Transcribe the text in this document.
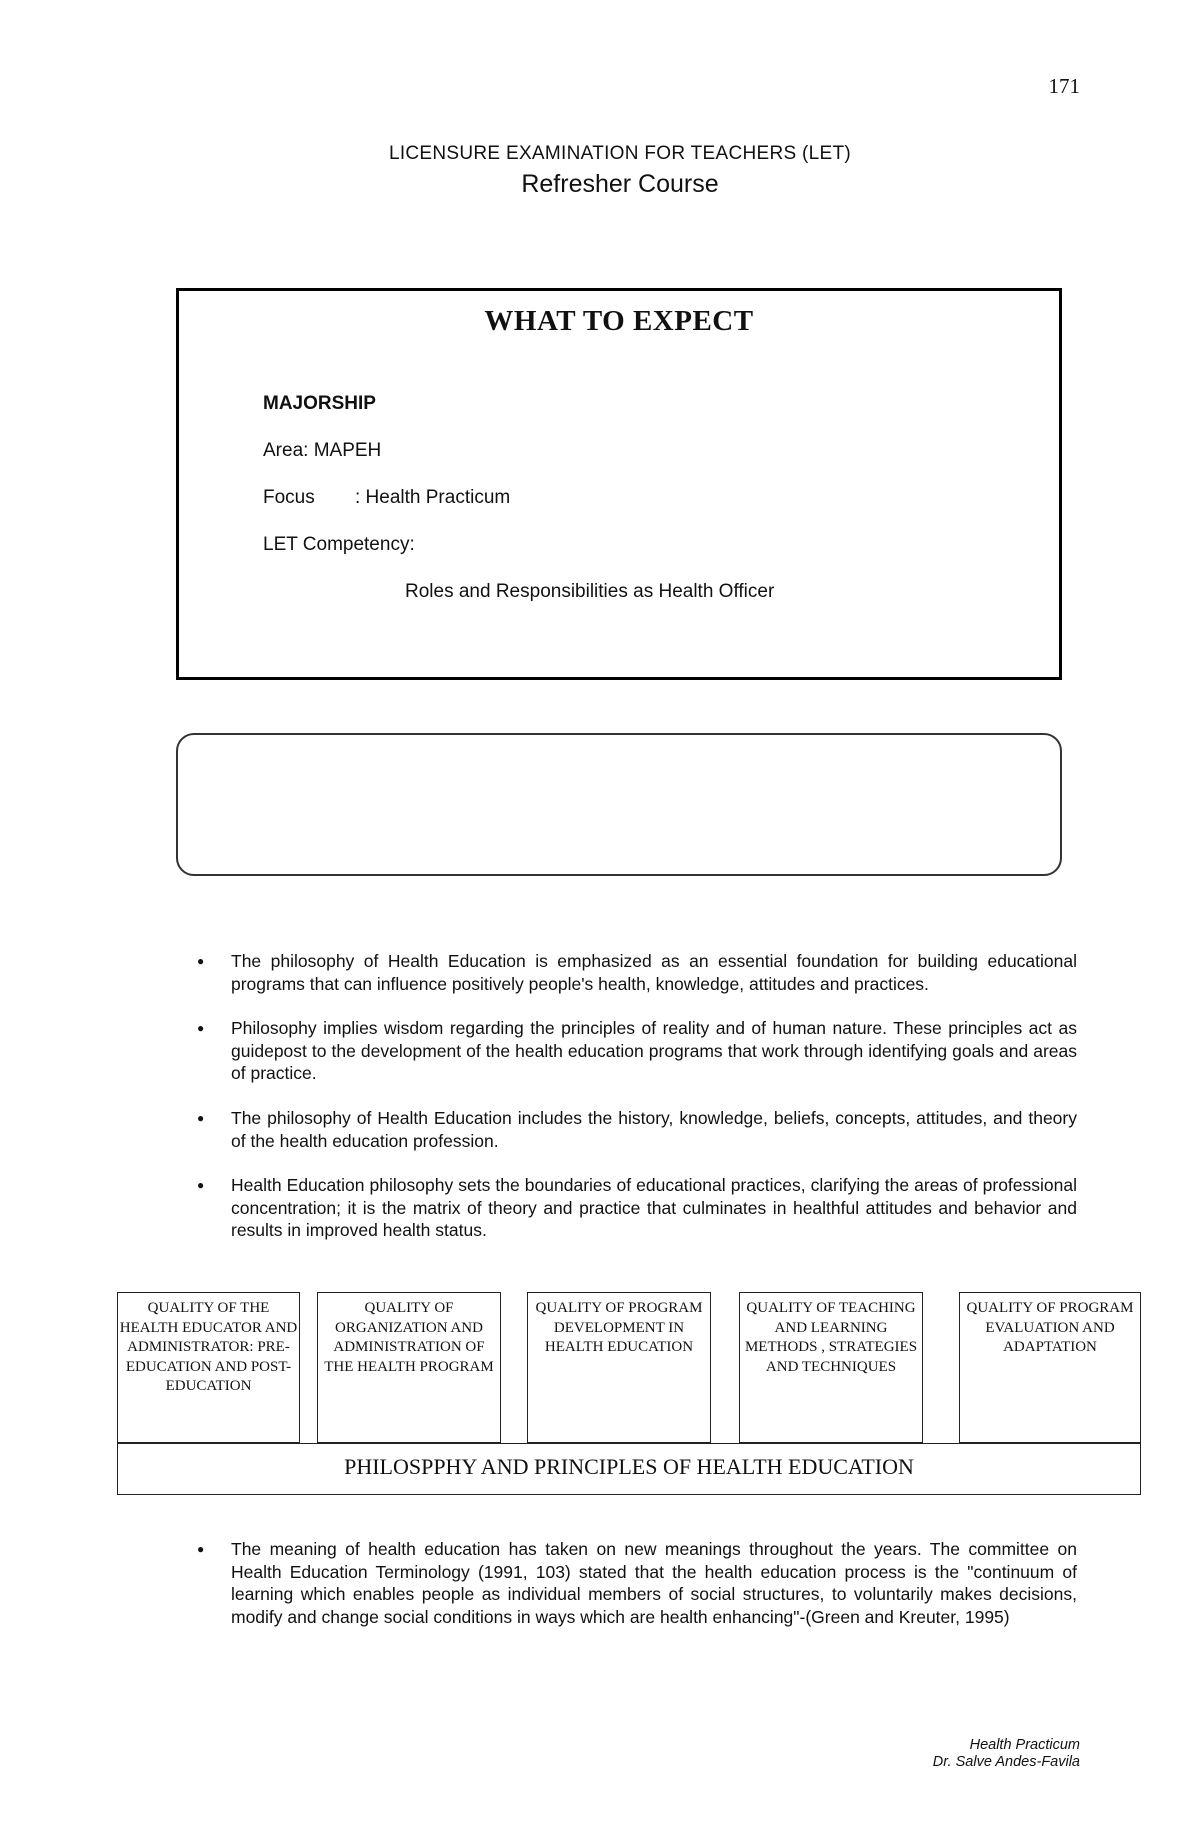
171
LICENSURE EXAMINATION FOR TEACHERS (LET)
Refresher Course
WHAT TO EXPECT
MAJORSHIP
Area: MAPEH
Focus : Health Practicum
LET Competency:
Roles and Responsibilities as Health Officer
● The philosophy of Health Education is emphasized as an essential foundation for building educational programs that can influence positively people's health, knowledge, attitudes and practices.
● Philosophy implies wisdom regarding the principles of reality and of human nature. These principles act as guidepost to the development of the health education programs that work through identifying goals and areas of practice.
● The philosophy of Health Education includes the history, knowledge, beliefs, concepts, attitudes, and theory of the health education profession.
● Health Education philosophy sets the boundaries of educational practices, clarifying the areas of professional concentration; it is the matrix of theory and practice that culminates in healthful attitudes and behavior and results in improved health status.
QUALITY OF THE HEALTH EDUCATOR AND ADMINISTRATOR: PRE-EDUCATION AND POST-EDUCATION
QUALITY OF ORGANIZATION AND ADMINISTRATION OF THE HEALTH PROGRAM
QUALITY OF PROGRAM DEVELOPMENT IN HEALTH EDUCATION
QUALITY OF TEACHING AND LEARNING METHODS , STRATEGIES AND TECHNIQUES
QUALITY OF PROGRAM EVALUATION AND ADAPTATION
PHILOSPPHY AND PRINCIPLES OF HEALTH EDUCATION
● The meaning of health education has taken on new meanings throughout the years. The committee on Health Education Terminology (1991, 103) stated that the health education process is the "continuum of learning which enables people as individual members of social structures, to voluntarily makes decisions, modify and change social conditions in ways which are health enhancing"-(Green and Kreuter, 1995)
Health Practicum
Dr. Salve Andes-Favila
